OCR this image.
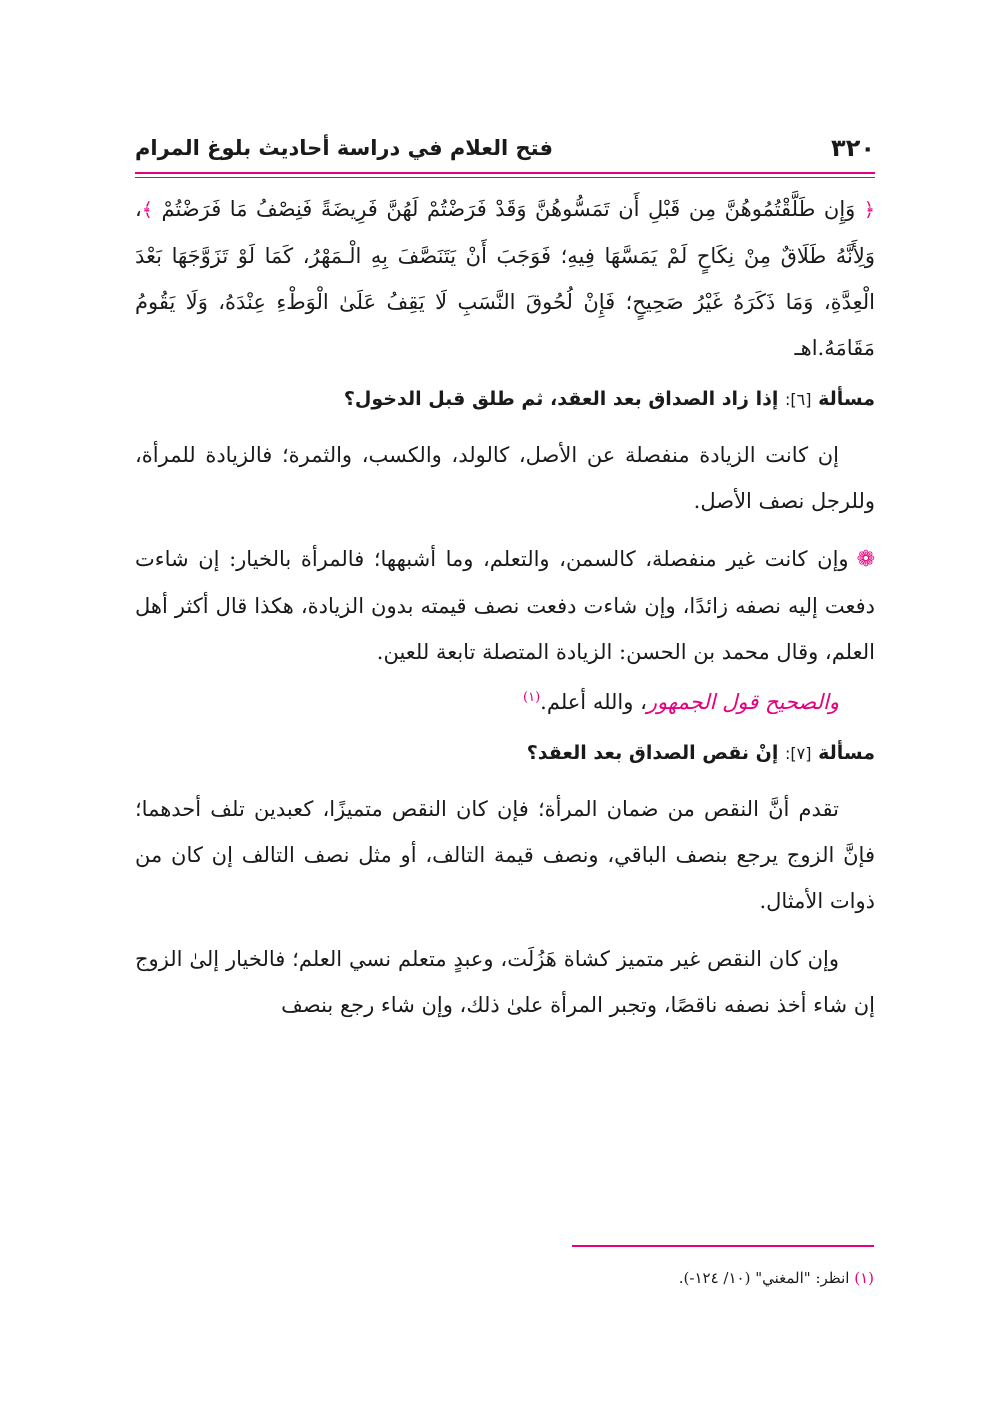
٣٢٠
فتح العلام في دراسة أحاديث بلوغ المرام

﴿ وَإِن طَلَّقْتُمُوهُنَّ مِن قَبْلِ أَن تَمَسُّوهُنَّ وَقَدْ فَرَضْتُمْ لَهُنَّ فَرِيضَةً فَنِصْفُ مَا فَرَضْتُمْ ﴾، وَلِأَنَّهُ طَلَاقٌ مِنْ نِكَاحٍ لَمْ يَمَسَّهَا فِيهِ؛ فَوَجَبَ أَنْ يَتَنَصَّفَ بِهِ الْـمَهْرُ، كَمَا لَوْ تَزَوَّجَهَا بَعْدَ الْعِدَّةِ، وَمَا ذَكَرَهُ غَيْرُ صَحِيحٍ؛ فَإِنْ لُحُوقَ النَّسَبِ لَا يَقِفُ عَلَىٰ الْوَطْءِ عِنْدَهُ، وَلَا يَقُومُ مَقَامَهُ.اهـ

مسألة [٦]: إذا زاد الصداق بعد العقد، ثم طلق قبل الدخول؟

إن كانت الزيادة منفصلة عن الأصل، كالولد، والكسب، والثمرة؛ فالزيادة للمرأة، وللرجل نصف الأصل.

❁وإن كانت غير منفصلة، كالسمن، والتعلم، وما أشبهها؛ فالمرأة بالخيار: إن شاءت دفعت إليه نصفه زائدًا، وإن شاءت دفعت نصف قيمته بدون الزيادة، هكذا قال أكثر أهل العلم، وقال محمد بن الحسن: الزيادة المتصلة تابعة للعين.

والصحيح قول الجمهور، والله أعلم.$^{(١)}$

مسألة [٧]: إنْ نقص الصداق بعد العقد؟

تقدم أنَّ النقص من ضمان المرأة؛ فإن كان النقص متميزًا، كعبدين تلف أحدهما؛ فإنَّ الزوج يرجع بنصف الباقي، ونصف قيمة التالف، أو مثل نصف التالف إن كان من ذوات الأمثال.

وإن كان النقص غير متميز كشاة هَزُلَت، وعبدٍ متعلم نسي العلم؛ فالخيار إلىٰ الزوج إن شاء أخذ نصفه ناقصًا، وتجبر المرأة علىٰ ذلك، وإن شاء رجع بنصف

(١) انظر: "المغني" (١٠/ ١٢٤-).
